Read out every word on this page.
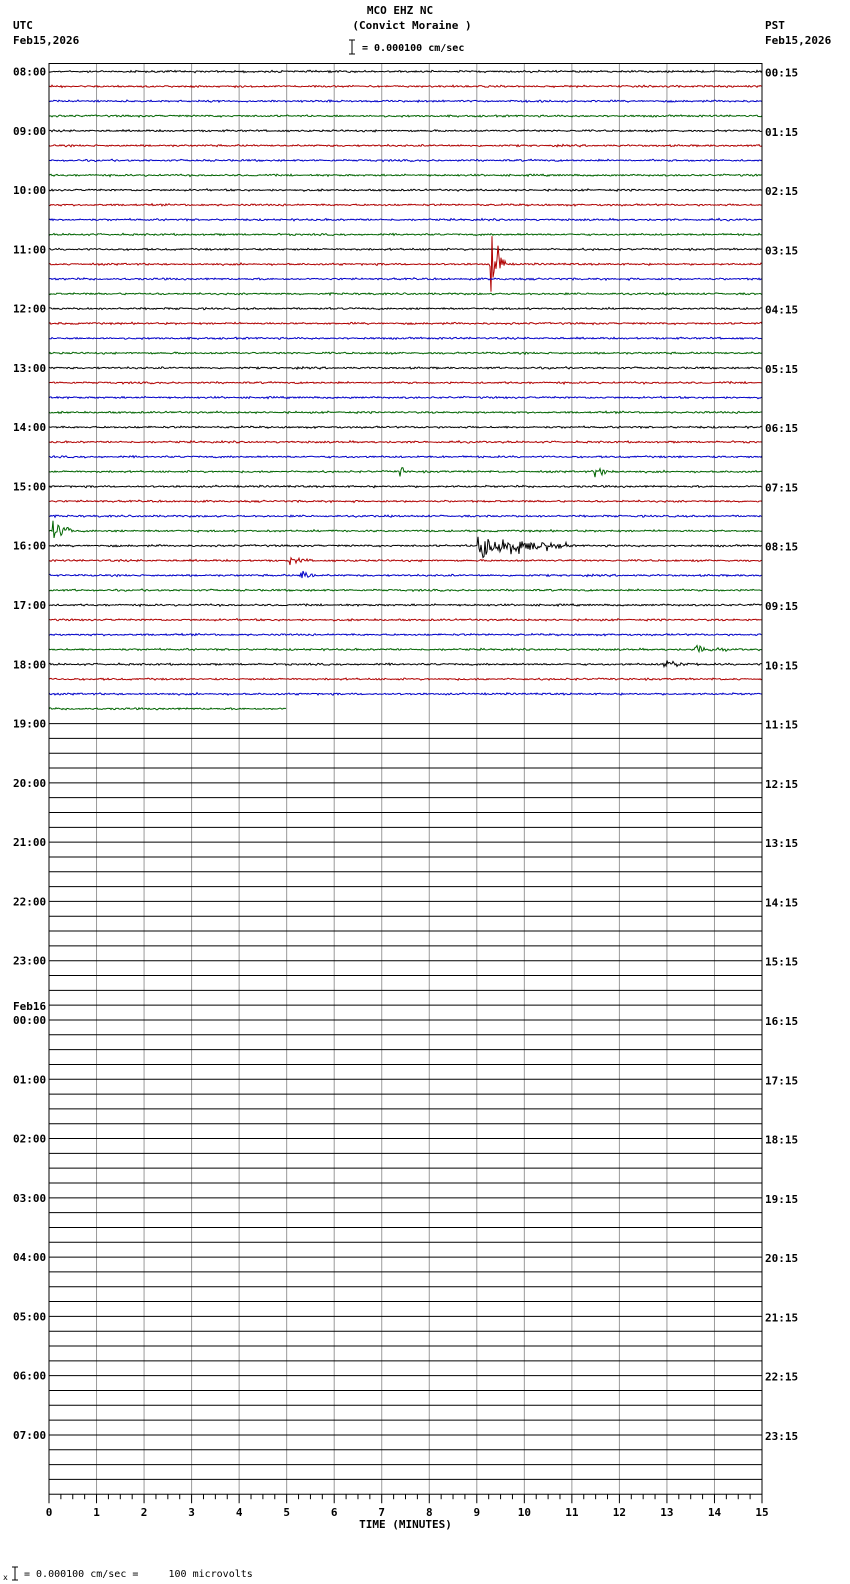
MCO EHZ NC
(Convict Moraine )
= 0.000100 cm/sec
UTC
Feb15,2026
PST
Feb15,2026
0	1	2	3	4	5	6	7	8	9	10	11	12	13	14	15
TIME (MINUTES)
08:00
09:00
10:00
11:00
12:00
13:00
14:00
15:00
16:00
17:00
18:00
19:00
20:00
21:00
22:00
23:00
00:00
Feb16
01:00
02:00
03:00
04:00
05:00
06:00
07:00
00:15
01:15
02:15
03:15
04:15
05:15
06:15
07:15
08:15
09:15
10:15
11:15
12:15
13:15
14:15
15:15
16:15
17:15
18:15
19:15
20:15
21:15
22:15
23:15
x = 0.000100 cm/sec =     100 microvolts
